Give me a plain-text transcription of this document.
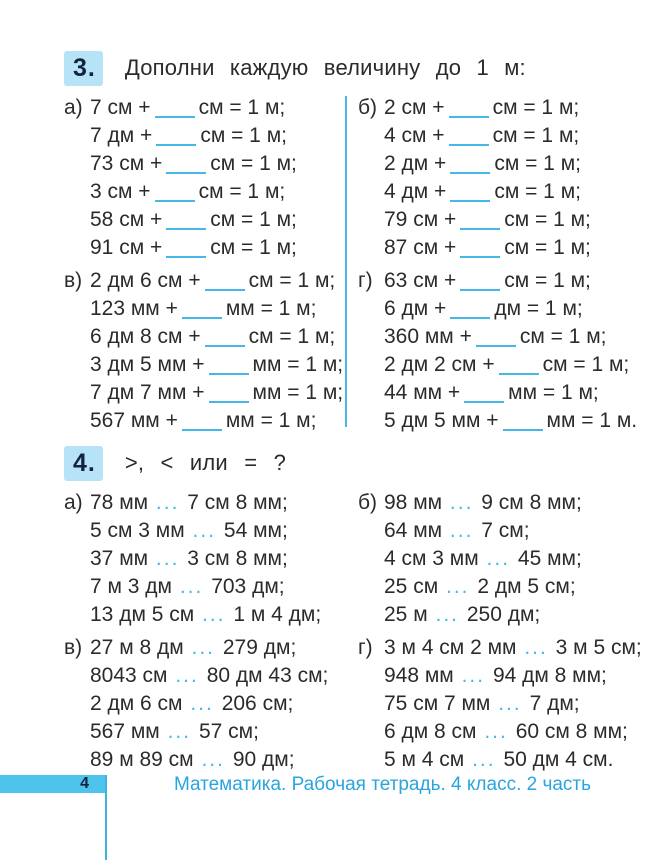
3.	Дополни каждую величину до 1 м:
а) 7 см + см = 1 м;
7 дм + см = 1 м;
73 см + см = 1 м;
3 см + см = 1 м;
58 см + см = 1 м;
91 см + см = 1 м;
в) 2 дм 6 см + см = 1 м;
123 мм + мм = 1 м;
6 дм 8 см + см = 1 м;
3 дм 5 мм + мм = 1 м;
7 дм 7 мм + мм = 1 м;
567 мм + мм = 1 м;
б) 2 см + см = 1 м;
4 см + см = 1 м;
2 дм + см = 1 м;
4 дм + см = 1 м;
79 см + см = 1 м;
87 см + см = 1 м;
г) 63 см + см = 1 м;
6 дм + дм = 1 м;
360 мм + см = 1 м;
2 дм 2 см + см = 1 м;
44 мм + мм = 1 м;
5 дм 5 мм + мм = 1 м.
4.	>, < или = ?
а) 78 мм ... 7 см 8 мм;
5 см 3 мм ... 54 мм;
37 мм ... 3 см 8 мм;
7 м 3 дм ... 703 дм;
13 дм 5 см ... 1 м 4 дм;
в) 27 м 8 дм ... 279 дм;
8043 см ... 80 дм 43 см;
2 дм 6 см ... 206 см;
567 мм ... 57 см;
89 м 89 см ... 90 дм;
б) 98 мм ... 9 см 8 мм;
64 мм ... 7 см;
4 см 3 мм ... 45 мм;
25 см ... 2 дм 5 см;
25 м ... 250 дм;
г) 3 м 4 см 2 мм ... 3 м 5 см;
948 мм ... 94 дм 8 мм;
75 см 7 мм ... 7 дм;
6 дм 8 см ... 60 см 8 мм;
5 м 4 см ... 50 дм 4 см.
4	Математика. Рабочая тетрадь. 4 класс. 2 часть
